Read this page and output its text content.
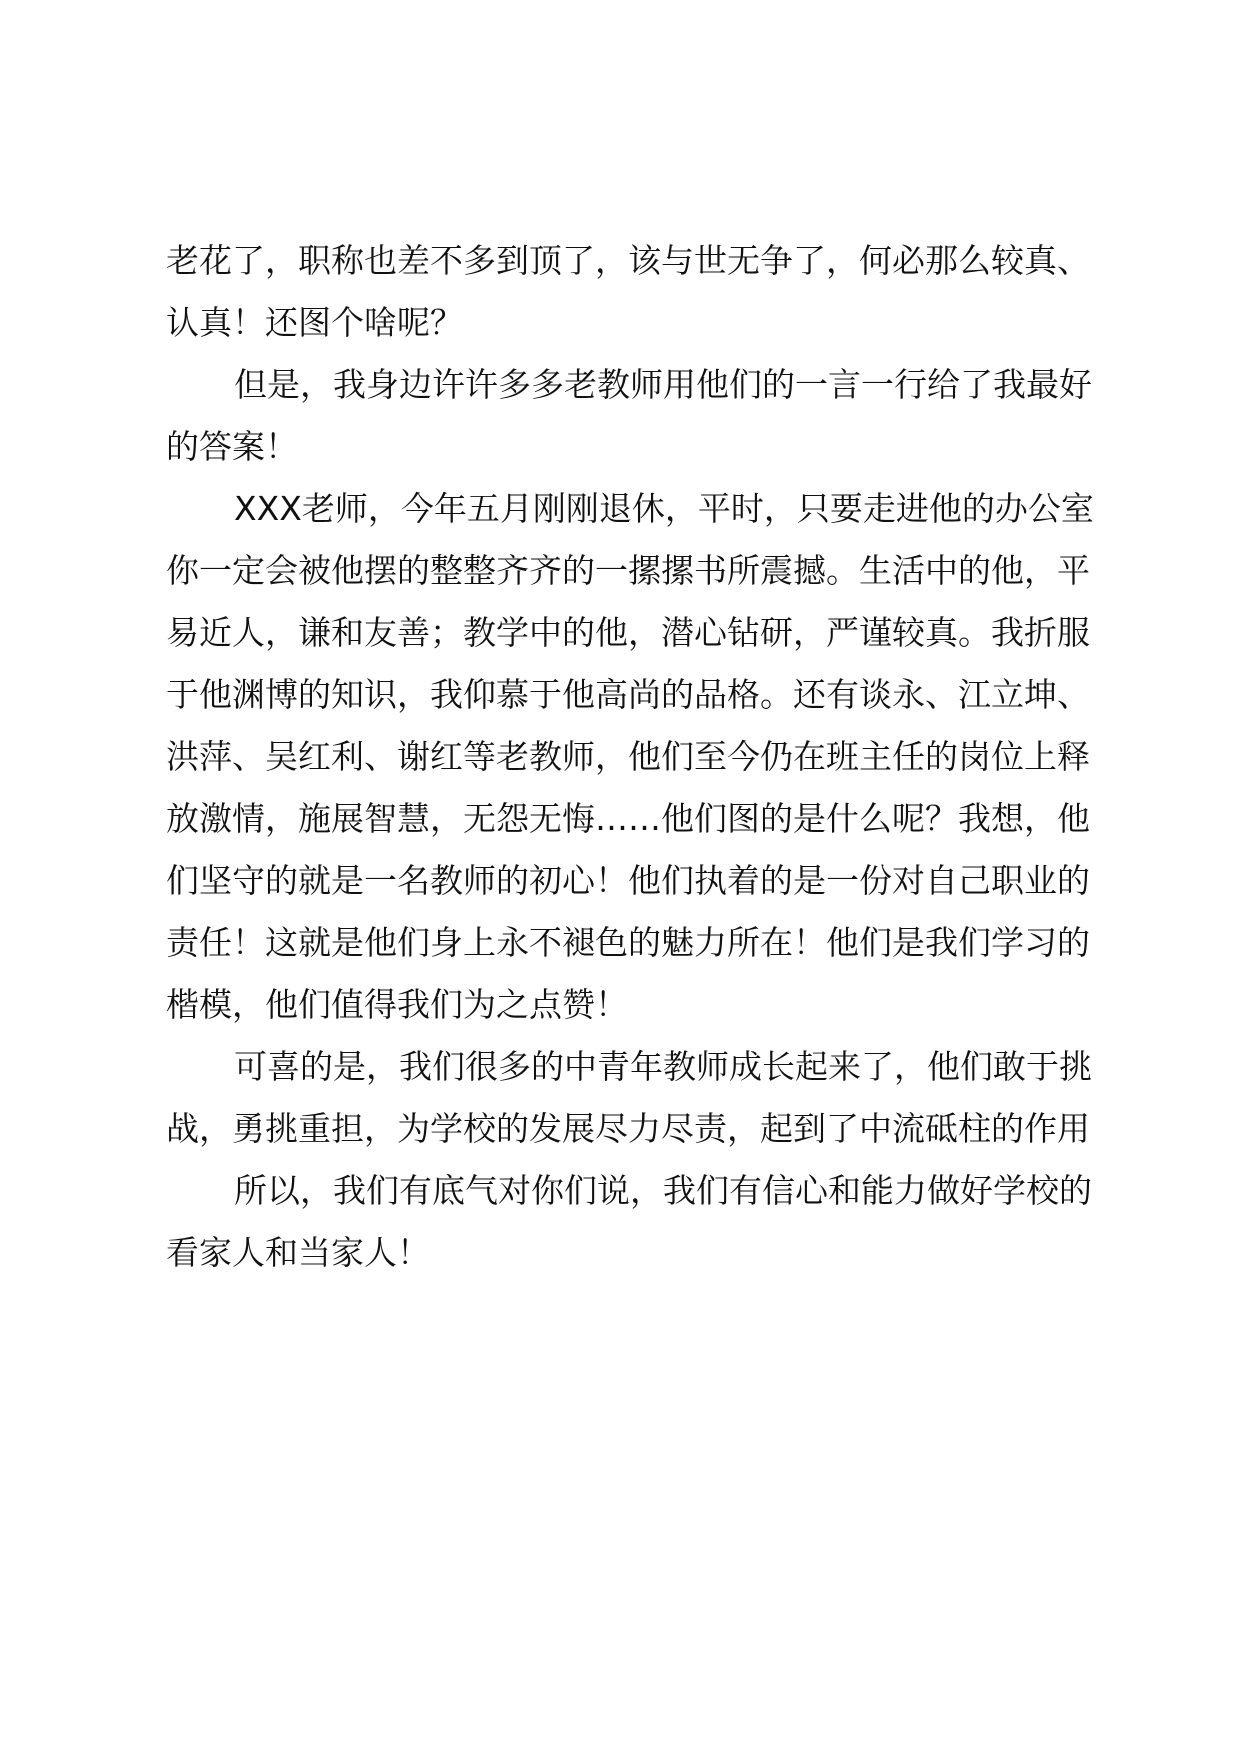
老花了，职称也差不多到顶了，该与世无争了，何必那么较真、
认真！还图个啥呢？
但是，我身边许许多多老教师用他们的一言一行给了我最好
的答案！
XXX老师，今年五月刚刚退休，平时，只要走进他的办公室
你一定会被他摆的整整齐齐的一摞摞书所震撼。生活中的他，平
易近人，谦和友善；教学中的他，潜心钻研，严谨较真。我折服
于他渊博的知识，我仰慕于他高尚的品格。还有谈永、江立坤、
洪萍、吴红利、谢红等老教师，他们至今仍在班主任的岗位上释
放激情，施展智慧，无怨无悔……他们图的是什么呢？我想，他
们坚守的就是一名教师的初心！他们执着的是一份对自己职业的
责任！这就是他们身上永不褪色的魅力所在！他们是我们学习的
楷模，他们值得我们为之点赞！
可喜的是，我们很多的中青年教师成长起来了，他们敢于挑
战，勇挑重担，为学校的发展尽力尽责，起到了中流砥柱的作用
所以，我们有底气对你们说，我们有信心和能力做好学校的
看家人和当家人！
